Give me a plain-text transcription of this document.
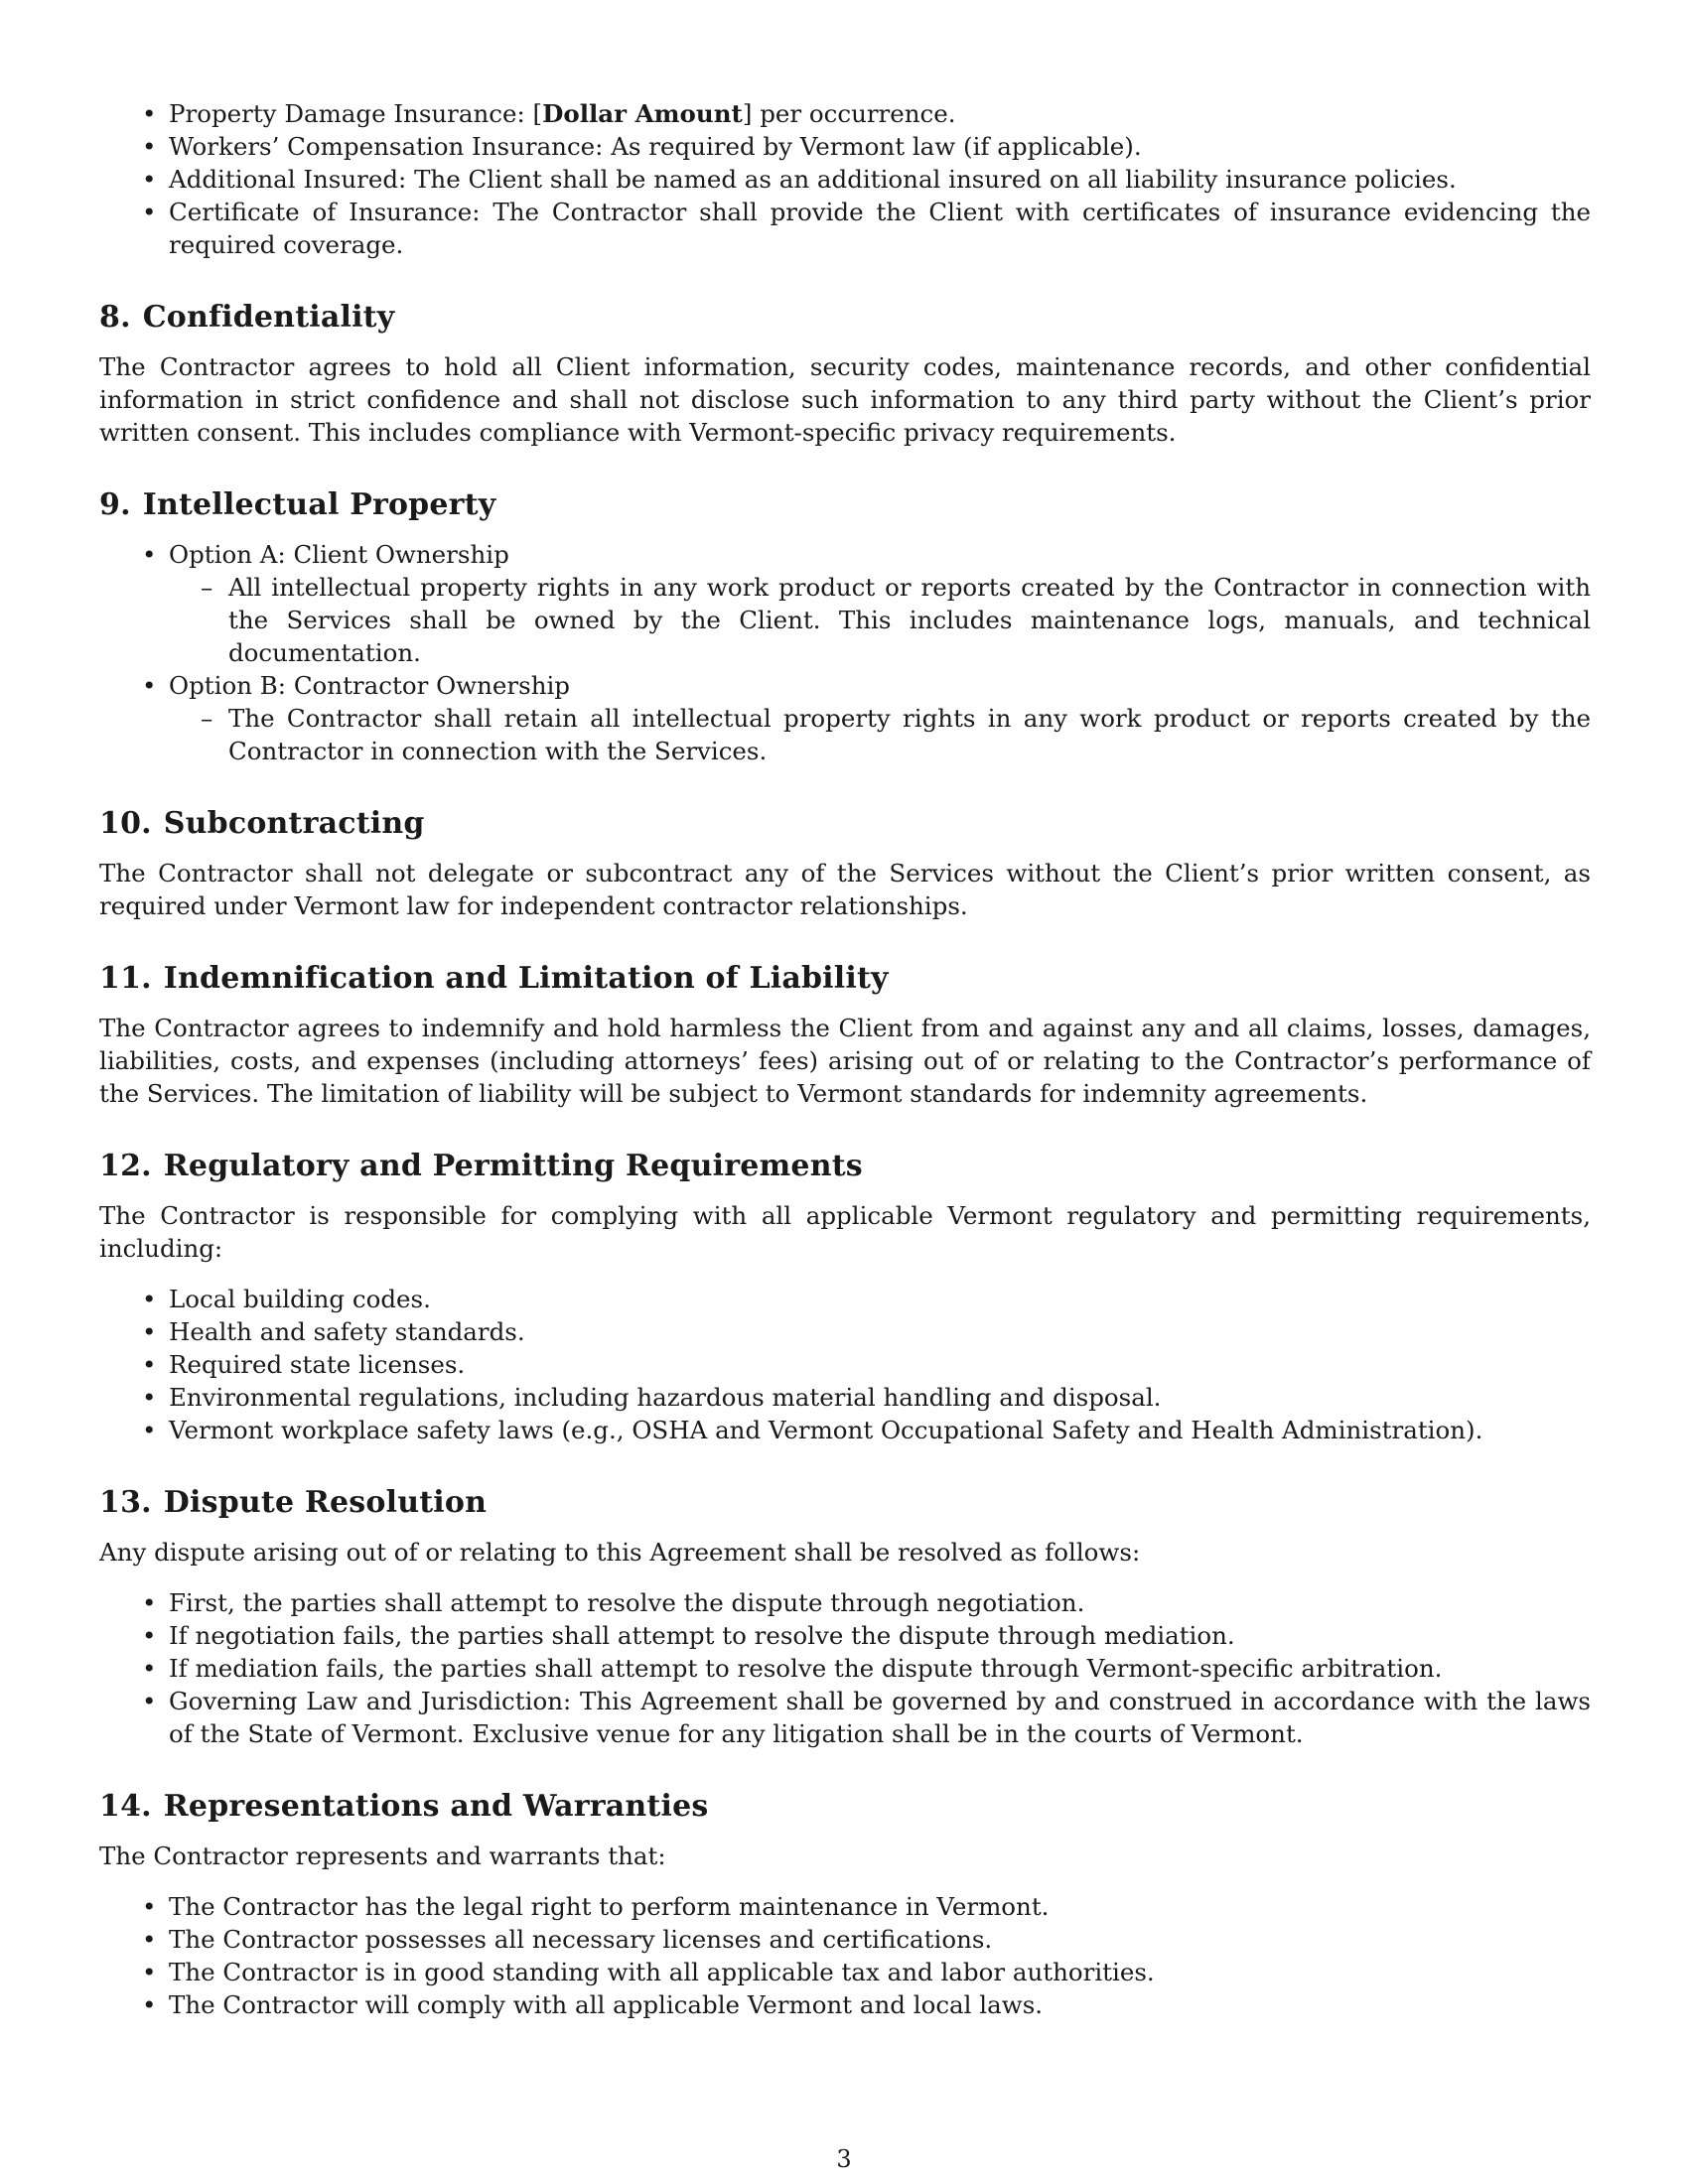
• Property Damage Insurance: [Dollar Amount] per occurrence.
• Workers’ Compensation Insurance: As required by Vermont law (if applicable).
• Additional Insured: The Client shall be named as an additional insured on all liability insurance policies.
• Certificate of Insurance: The Contractor shall provide the Client with certificates of insurance evidencing the required coverage.
8. Confidentiality

The Contractor agrees to hold all Client information, security codes, maintenance records, and other confidential information in strict confidence and shall not disclose such information to any third party without the Client’s prior written consent. This includes compliance with Vermont-specific privacy requirements.

9. Intellectual Property
• Option A: Client Ownership
– All intellectual property rights in any work product or reports created by the Contractor in connection with the Services shall be owned by the Client. This includes maintenance logs, manuals, and technical documentation.
• Option B: Contractor Ownership
– The Contractor shall retain all intellectual property rights in any work product or reports created by the Contractor in connection with the Services.
10. Subcontracting

The Contractor shall not delegate or subcontract any of the Services without the Client’s prior written consent, as required under Vermont law for independent contractor relationships.

11. Indemnification and Limitation of Liability

The Contractor agrees to indemnify and hold harmless the Client from and against any and all claims, losses, damages, liabilities, costs, and expenses (including attorneys’ fees) arising out of or relating to the Contractor’s performance of the Services. The limitation of liability will be subject to Vermont standards for indemnity agreements.

12. Regulatory and Permitting Requirements

The Contractor is responsible for complying with all applicable Vermont regulatory and permitting requirements, including:

• Local building codes.
• Health and safety standards.
• Required state licenses.
• Environmental regulations, including hazardous material handling and disposal.
• Vermont workplace safety laws (e.g., OSHA and Vermont Occupational Safety and Health Administration).
13. Dispute Resolution

Any dispute arising out of or relating to this Agreement shall be resolved as follows:

• First, the parties shall attempt to resolve the dispute through negotiation.
• If negotiation fails, the parties shall attempt to resolve the dispute through mediation.
• If mediation fails, the parties shall attempt to resolve the dispute through Vermont-specific arbitration.
• Governing Law and Jurisdiction: This Agreement shall be governed by and construed in accordance with the laws of the State of Vermont. Exclusive venue for any litigation shall be in the courts of Vermont.
14. Representations and Warranties

The Contractor represents and warrants that:

• The Contractor has the legal right to perform maintenance in Vermont.
• The Contractor possesses all necessary licenses and certifications.
• The Contractor is in good standing with all applicable tax and labor authorities.
• The Contractor will comply with all applicable Vermont and local laws.
3
